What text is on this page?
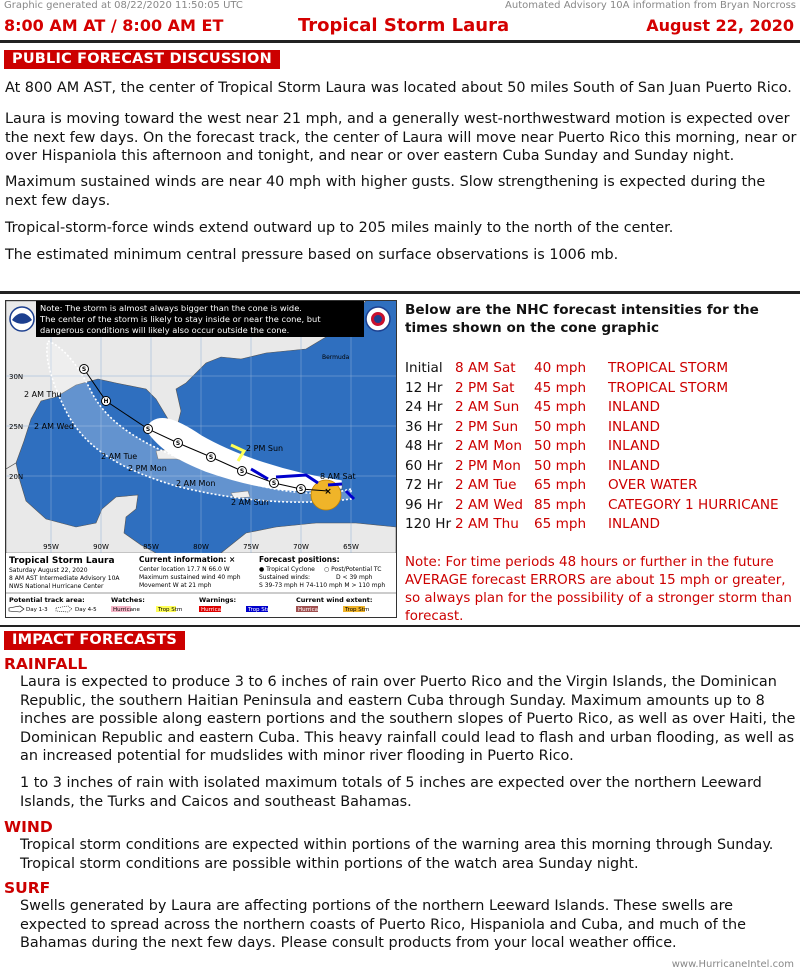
Graphic generated at 08/22/2020 11:50:05 UTC	Automated Advisory 10A information from Bryan Norcross
8:00 AM AT / 8:00 AM ET	Tropical Storm Laura	August 22, 2020
PUBLIC FORECAST DISCUSSION
At 800 AM AST, the center of Tropical Storm Laura was located about 50 miles South of San Juan Puerto Rico.
Laura is moving toward the west near 21 mph, and a generally west-northwestward motion is expected over the next few days. On the forecast track, the center of Laura will move near Puerto Rico this morning, near or over Hispaniola this afternoon and tonight, and near or over eastern Cuba Sunday and Sunday night.
Maximum sustained winds are near 40 mph with higher gusts. Slow strengthening is expected during the next few days.
Tropical-storm-force winds extend outward up to 205 miles mainly to the north of the center.
The estimated minimum central pressure based on surface observations is 1006 mb.
S
H
S
S
S
S
S
S ×
2 AM Thu
2 AM Wed
2 AM Tue
2 PM Mon
2 AM Mon
2 AM Sun
2 PM Sun
8 AM Sat
30N
25N
20N
95W	90W	85W	80W	75W	70W	65W
Bermuda
Note: The storm is almost always bigger than the cone is wide.
The center of the storm is likely to stay inside or near the cone, but
dangerous conditions will likely also occur outside the cone.
Tropical Storm Laura
Saturday August 22, 2020
8 AM AST Intermediate Advisory 10A
NWS National Hurricane Center
Current information: ×
Center location 17.7 N 66.0 W
Maximum sustained wind 40 mph
Movement W at 21 mph
Forecast positions:
● Tropical Cyclone ○ Post/Potential TC
Sustained winds:	D < 39 mph
S 39-73 mph H 74-110 mph M > 110 mph
Potential track area:	Watches:	Warnings:	Current wind extent:
Day 1-3	Day 4-5	Hurricane	Trop Stm	Hurricane	Trop Stm	Hurricane	Trop Stm
Below are the NHC forecast intensities for the times shown on the cone graphic
Initial 8 AM Sat 40 mph TROPICAL STORM
12 Hr 2 PM Sat 45 mph TROPICAL STORM
24 Hr 2 AM Sun 45 mph INLAND
36 Hr 2 PM Sun 50 mph INLAND
48 Hr 2 AM Mon 50 mph INLAND
60 Hr 2 PM Mon 50 mph INLAND
72 Hr 2 AM Tue 65 mph OVER WATER
96 Hr 2 AM Wed 85 mph CATEGORY 1 HURRICANE
120 Hr 2 AM Thu 65 mph INLAND
Note: For time periods 48 hours or further in the future AVERAGE forecast ERRORS are about 15 mph or greater, so always plan for the possibility of a stronger storm than forecast.
IMPACT FORECASTS
RAINFALL
Laura is expected to produce 3 to 6 inches of rain over Puerto Rico and the Virgin Islands, the Dominican Republic, the southern Haitian Peninsula and eastern Cuba through Sunday. Maximum amounts up to 8 inches are possible along eastern portions and the southern slopes of Puerto Rico, as well as over Haiti, the Dominican Republic and eastern Cuba. This heavy rainfall could lead to flash and urban flooding, as well as an increased potential for mudslides with minor river flooding in Puerto Rico.
1 to 3 inches of rain with isolated maximum totals of 5 inches are expected over the northern Leeward Islands, the Turks and Caicos and southeast Bahamas.
WIND
Tropical storm conditions are expected within portions of the warning area this morning through Sunday. Tropical storm conditions are possible within portions of the watch area Sunday night.
SURF
Swells generated by Laura are affecting portions of the northern Leeward Islands. These swells are expected to spread across the northern coasts of Puerto Rico, Hispaniola and Cuba, and much of the Bahamas during the next few days. Please consult products from your local weather office.
www.HurricaneIntel.com
